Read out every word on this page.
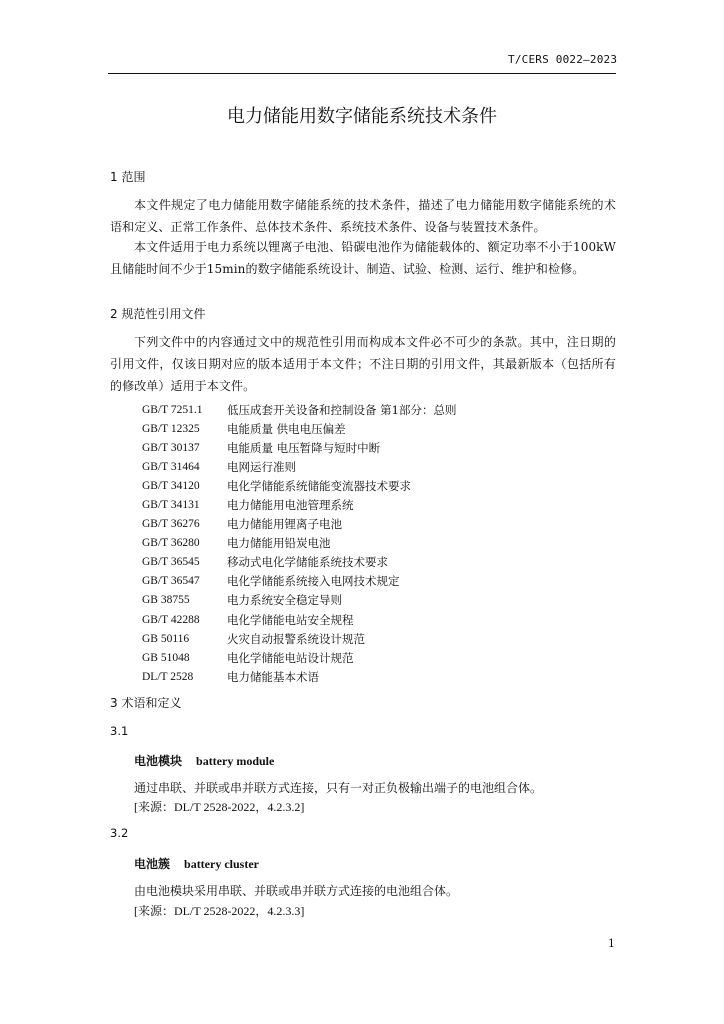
T/CERS 0022—2023
电力储能用数字储能系统技术条件
1 范围
本文件规定了电力储能用数字储能系统的技术条件，描述了电力储能用数字储能系统的术语和定义、正常工作条件、总体技术条件、系统技术条件、设备与装置技术条件。
本文件适用于电力系统以锂离子电池、铅碳电池作为储能载体的、额定功率不小于100kW且储能时间不少于15min的数字储能系统设计、制造、试验、检测、运行、维护和检修。
2 规范性引用文件
下列文件中的内容通过文中的规范性引用而构成本文件必不可少的条款。其中，注日期的引用文件，仅该日期对应的版本适用于本文件；不注日期的引用文件，其最新版本（包括所有的修改单）适用于本文件。
GB/T 7251.1	低压成套开关设备和控制设备 第1部分：总则
GB/T 12325	电能质量 供电电压偏差
GB/T 30137	电能质量 电压暂降与短时中断
GB/T 31464	电网运行准则
GB/T 34120	电化学储能系统储能变流器技术要求
GB/T 34131	电力储能用电池管理系统
GB/T 36276	电力储能用锂离子电池
GB/T 36280	电力储能用铅炭电池
GB/T 36545	移动式电化学储能系统技术要求
GB/T 36547	电化学储能系统接入电网技术规定
GB 38755	电力系统安全稳定导则
GB/T 42288	电化学储能电站安全规程
GB 50116	火灾自动报警系统设计规范
GB 51048	电化学储能电站设计规范
DL/T 2528	电力储能基本术语
3 术语和定义
3.1
电池模块 battery module
通过串联、并联或串并联方式连接，只有一对正负极输出端子的电池组合体。
[来源：DL/T 2528-2022，4.2.3.2]
3.2
电池簇 battery cluster
由电池模块采用串联、并联或串并联方式连接的电池组合体。
[来源：DL/T 2528-2022，4.2.3.3]
1
